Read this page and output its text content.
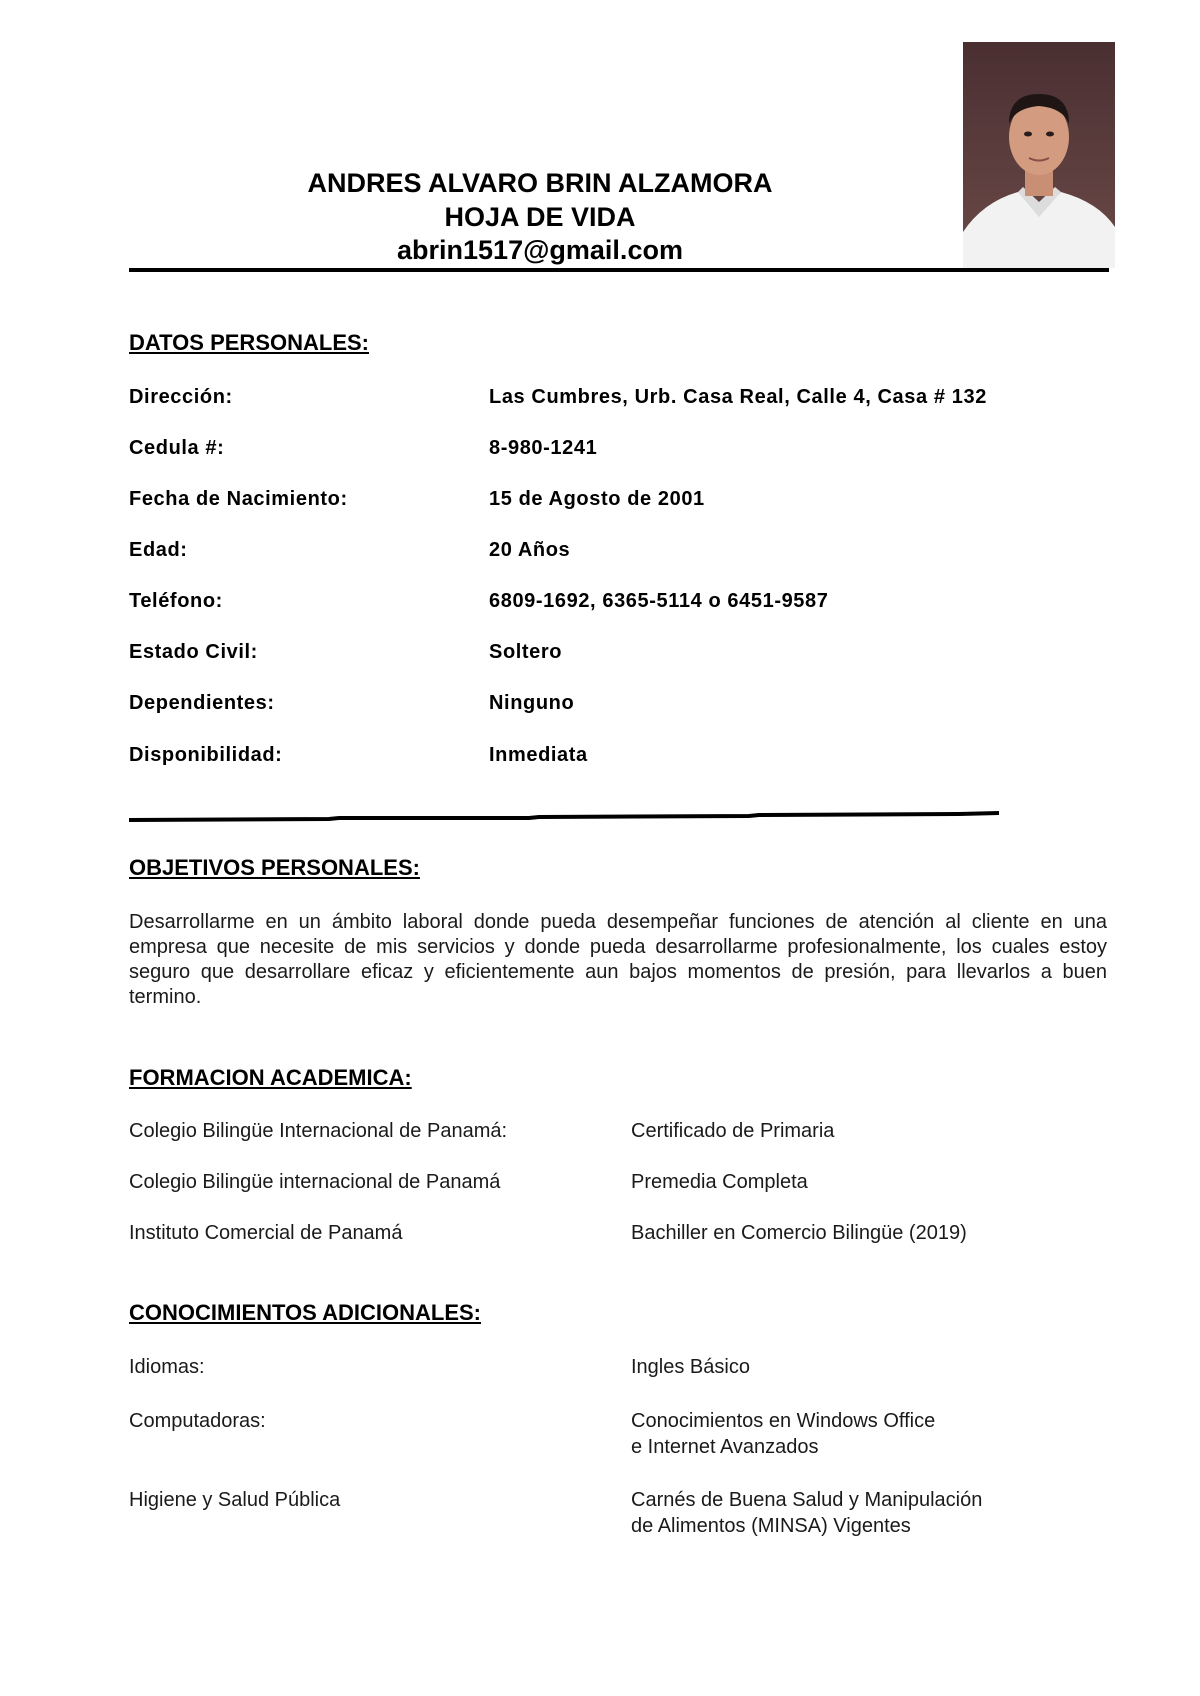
ANDRES ALVARO BRIN ALZAMORA
HOJA DE VIDA
abrin1517@gmail.com
DATOS PERSONALES:
Dirección:	Las Cumbres, Urb. Casa Real, Calle 4, Casa # 132
Cedula #:	8-980-1241
Fecha de Nacimiento:	15 de Agosto de 2001
Edad:	20 Años
Teléfono:	6809-1692, 6365-5114 o 6451-9587
Estado Civil:	Soltero
Dependientes:	Ninguno
Disponibilidad:	Inmediata
OBJETIVOS PERSONALES:
Desarrollarme en un ámbito laboral donde pueda desempeñar funciones de atención al cliente en una empresa que necesite de mis servicios y donde pueda desarrollarme profesionalmente, los cuales estoy seguro que desarrollare eficaz y eficientemente aun bajos momentos de presión, para llevarlos a buen termino.
FORMACION ACADEMICA:
Colegio Bilingüe Internacional de Panamá:	Certificado de Primaria
Colegio Bilingüe internacional de Panamá	Premedia Completa
Instituto Comercial de Panamá	Bachiller en Comercio Bilingüe (2019)
CONOCIMIENTOS ADICIONALES:
Idiomas:	Ingles Básico
Computadoras:	Conocimientos en Windows Office
e Internet Avanzados
Higiene y Salud Pública	Carnés de Buena Salud y Manipulación
de Alimentos (MINSA) Vigentes
